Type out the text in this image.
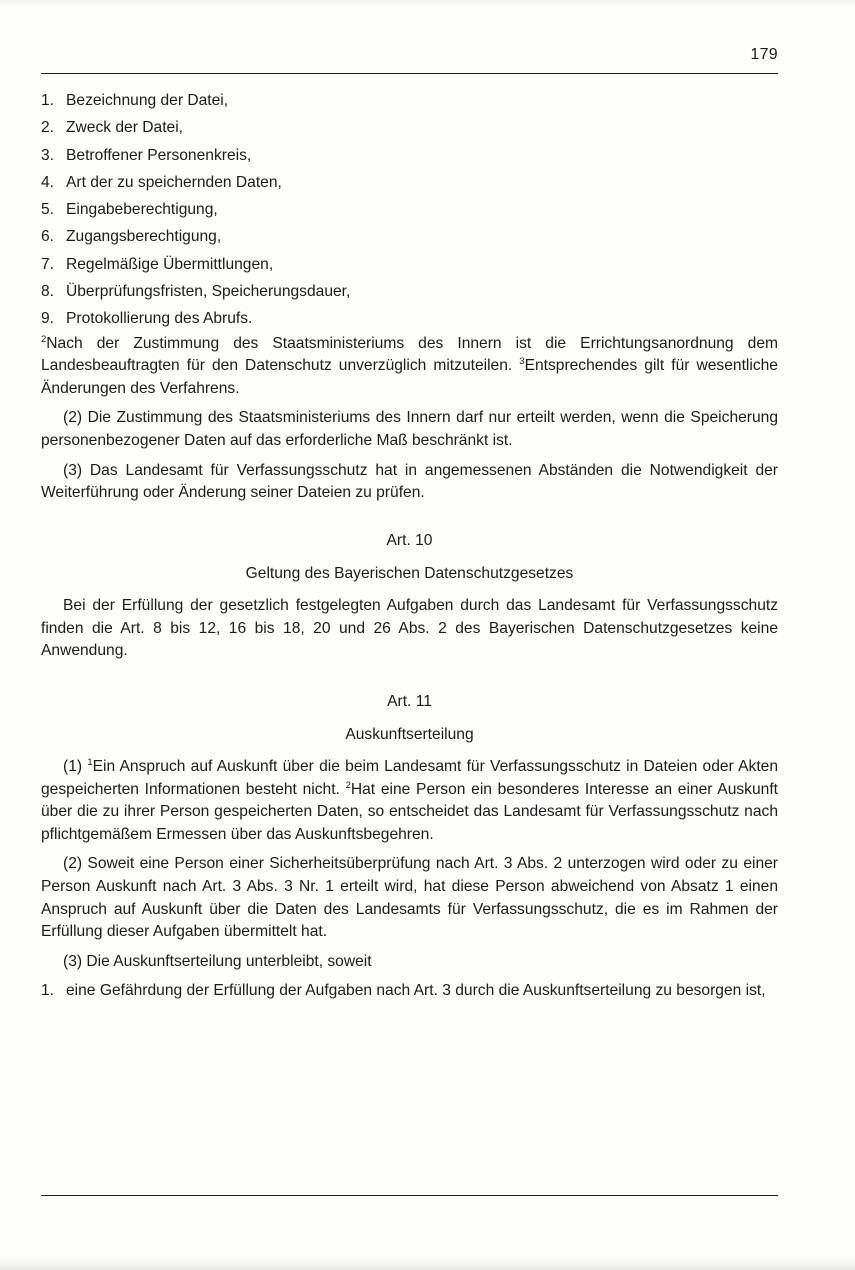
179
1. Bezeichnung der Datei,
2. Zweck der Datei,
3. Betroffener Personenkreis,
4. Art der zu speichernden Daten,
5. Eingabeberechtigung,
6. Zugangsberechtigung,
7. Regelmäßige Übermittlungen,
8. Überprüfungsfristen, Speicherungsdauer,
9. Protokollierung des Abrufs.

$^2$Nach der Zustimmung des Staatsministeriums des Innern ist die Errichtungsanordnung dem Landesbeauftragten für den Datenschutz unverzüglich mitzuteilen. $^3$Entsprechendes gilt für wesentliche Änderungen des Verfahrens.

(2) Die Zustimmung des Staatsministeriums des Innern darf nur erteilt werden, wenn die Speicherung personenbezogener Daten auf das erforderliche Maß beschränkt ist.

(3) Das Landesamt für Verfassungsschutz hat in angemessenen Abständen die Notwendigkeit der Weiterführung oder Änderung seiner Dateien zu prüfen.

Art. 10
Geltung des Bayerischen Datenschutzgesetzes

Bei der Erfüllung der gesetzlich festgelegten Aufgaben durch das Landesamt für Verfassungsschutz finden die Art. 8 bis 12, 16 bis 18, 20 und 26 Abs. 2 des Bayerischen Datenschutzgesetzes keine Anwendung.

Art. 11
Auskunftserteilung

(1) $^1$Ein Anspruch auf Auskunft über die beim Landesamt für Verfassungsschutz in Dateien oder Akten gespeicherten Informationen besteht nicht. $^2$Hat eine Person ein besonderes Interesse an einer Auskunft über die zu ihrer Person gespeicherten Daten, so entscheidet das Landesamt für Verfassungsschutz nach pflichtgemäßem Ermessen über das Auskunftsbegehren.

(2) Soweit eine Person einer Sicherheitsüberprüfung nach Art. 3 Abs. 2 unterzogen wird oder zu einer Person Auskunft nach Art. 3 Abs. 3 Nr. 1 erteilt wird, hat diese Person abweichend von Absatz 1 einen Anspruch auf Auskunft über die Daten des Landesamts für Verfassungsschutz, die es im Rahmen der Erfüllung dieser Aufgaben übermittelt hat.

(3) Die Auskunftserteilung unterbleibt, soweit

1. eine Gefährdung der Erfüllung der Aufgaben nach Art. 3 durch die Auskunftserteilung zu besorgen ist,
